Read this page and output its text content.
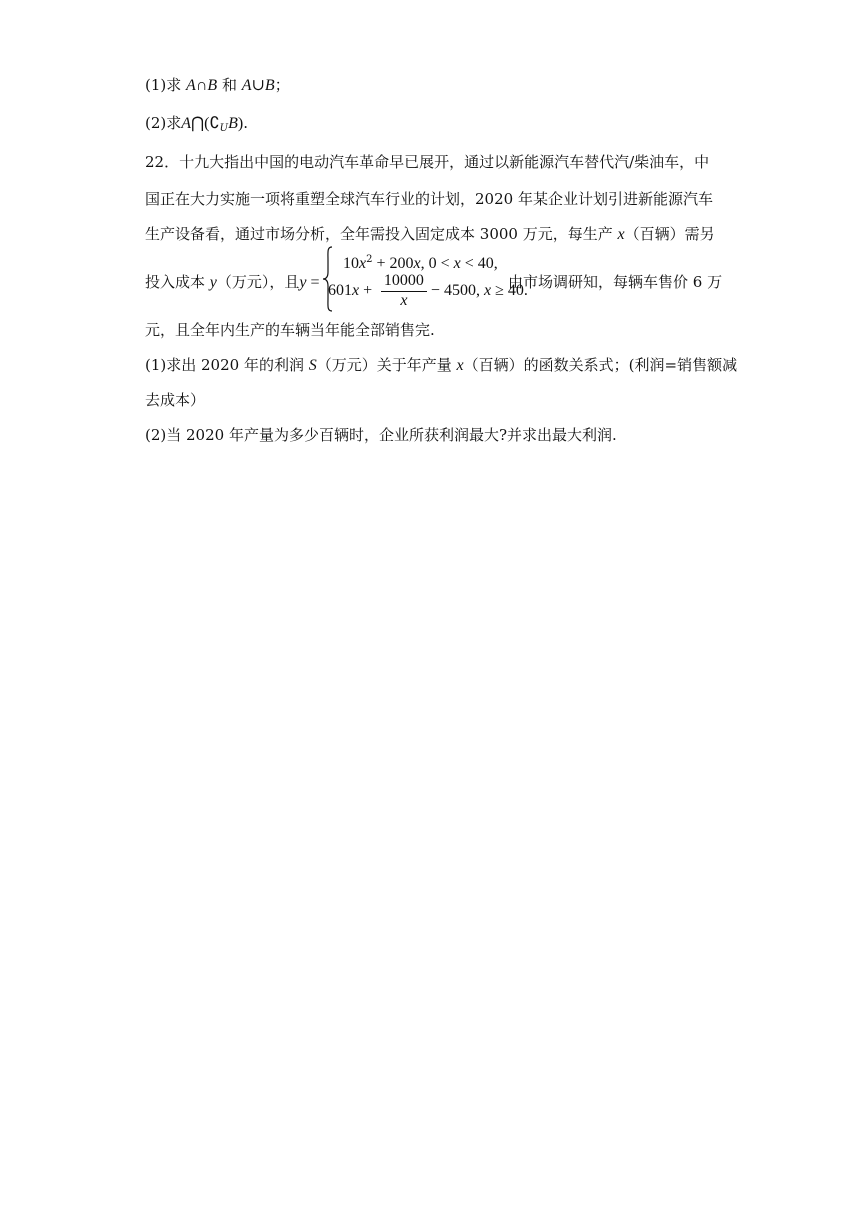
(1)求 A∩B 和 A∪B；
(2)求$A⋂(∁_UB)$.
22．十九大指出中国的电动汽车革命早已展开，通过以新能源汽车替代汽/柴油车，中
国正在大力实施一项将重塑全球汽车行业的计划，2020 年某企业计划引进新能源汽车
生产设备看，通过市场分析，全年需投入固定成本 3000 万元，每生产 x（百辆）需另
投入成本 y（万元），且y =
$10x^2 + 200x$, 0 < x < 40,
$601x + \frac{10000}{x} - 4500$, x ≥ 40.
由市场调研知，每辆车售价 6 万
元，且全年内生产的车辆当年能全部销售完.
(1)求出 2020 年的利润 S（万元）关于年产量 x（百辆）的函数关系式；(利润=销售额减
去成本）
(2)当 2020 年产量为多少百辆时，企业所获利润最大?并求出最大利润.
